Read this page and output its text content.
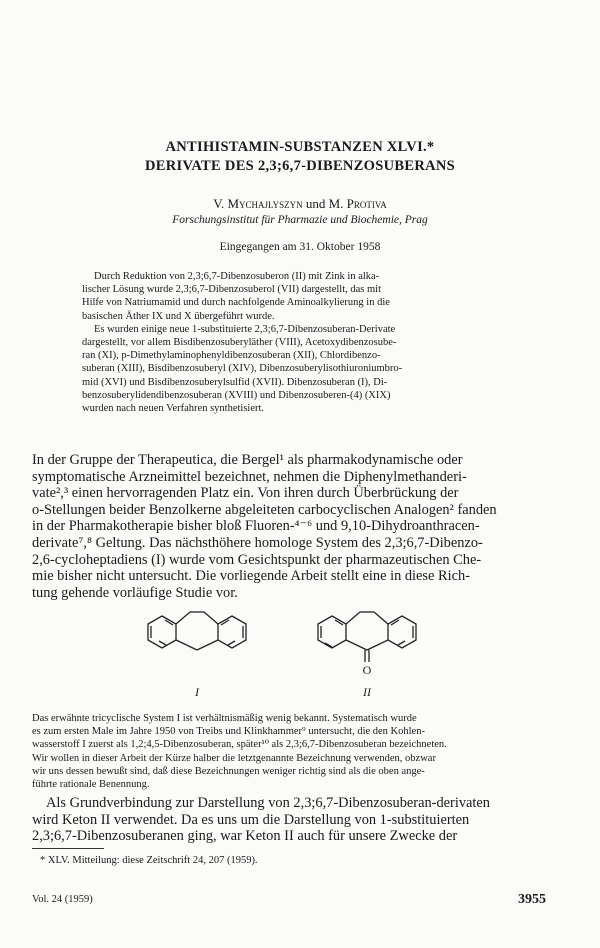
ANTIHISTAMIN-SUBSTANZEN XLVI.*
DERIVATE DES 2,3;6,7-DIBENZOSUBERANS
V. Mychajlyszyn und M. Protiva
Forschungsinstitut für Pharmazie und Biochemie, Prag
Eingegangen am 31. Oktober 1958
Durch Reduktion von 2,3;6,7-Dibenzosuberon (II) mit Zink in alka-
lischer Lösung wurde 2,3;6,7-Dibenzosuberol (VII) dargestellt, das mit
Hilfe von Natriumamid und durch nachfolgende Aminoalkylierung in die
basischen Äther IX und X übergeführt wurde.
Es wurden einige neue 1-substituierte 2,3;6,7-Dibenzosuberan-Derivate
dargestellt, vor allem Bisdibenzosuberyläther (VIII), Acetoxydibenzosube-
ran (XI), p-Dimethylaminophenyldibenzosuberan (XII), Chlordibenzo-
suberan (XIII), Bisdibenzosuberyl (XIV), Dibenzosuberylisothiuroniumbro-
mid (XVI) und Bisdibenzosuberylsulfid (XVII). Dibenzosuberan (I), Di-
benzosuberylidendibenzosuberan (XVIII) und Dibenzosuberen-(4) (XIX)
wurden nach neuen Verfahren synthetisiert.
In der Gruppe der Therapeutica, die Bergel¹ als pharmakodynamische oder
symptomatische Arzneimittel bezeichnet, nehmen die Diphenylmethanderi-
vate²,³ einen hervorragenden Platz ein. Von ihren durch Überbrückung der
o-Stellungen beider Benzolkerne abgeleiteten carbocyclischen Analogen² fanden
in der Pharmakotherapie bisher bloß Fluoren-⁴⁻⁶ und 9,10-Dihydroanthracen-
derivate⁷,⁸ Geltung. Das nächsthöhere homologe System des 2,3;6,7-Dibenzo-
2,6-cycloheptadiens (I) wurde vom Gesichtspunkt der pharmazeutischen Che-
mie bisher nicht untersucht. Die vorliegende Arbeit stellt eine in diese Rich-
tung gehende vorläufige Studie vor.
I
O
II
Das erwähnte tricyclische System I ist verhältnismäßig wenig bekannt. Systematisch wurde
es zum ersten Male im Jahre 1950 von Treibs und Klinkhammer⁹ untersucht, die den Kohlen-
wasserstoff I zuerst als 1,2;4,5-Dibenzosuberan, später¹⁰ als 2,3;6,7-Dibenzosuberan bezeichneten.
Wir wollen in dieser Arbeit der Kürze halber die letztgenannte Bezeichnung verwenden, obzwar
wir uns dessen bewußt sind, daß diese Bezeichnungen weniger richtig sind als die oben ange-
führte rationale Benennung.
Als Grundverbindung zur Darstellung von 2,3;6,7-Dibenzosuberan-derivaten
wird Keton II verwendet. Da es uns um die Darstellung von 1-substituierten
2,3;6,7-Dibenzosuberanen ging, war Keton II auch für unsere Zwecke der
* XLV. Mitteilung: diese Zeitschrift 24, 207 (1959).
Vol. 24 (1959)	3955
